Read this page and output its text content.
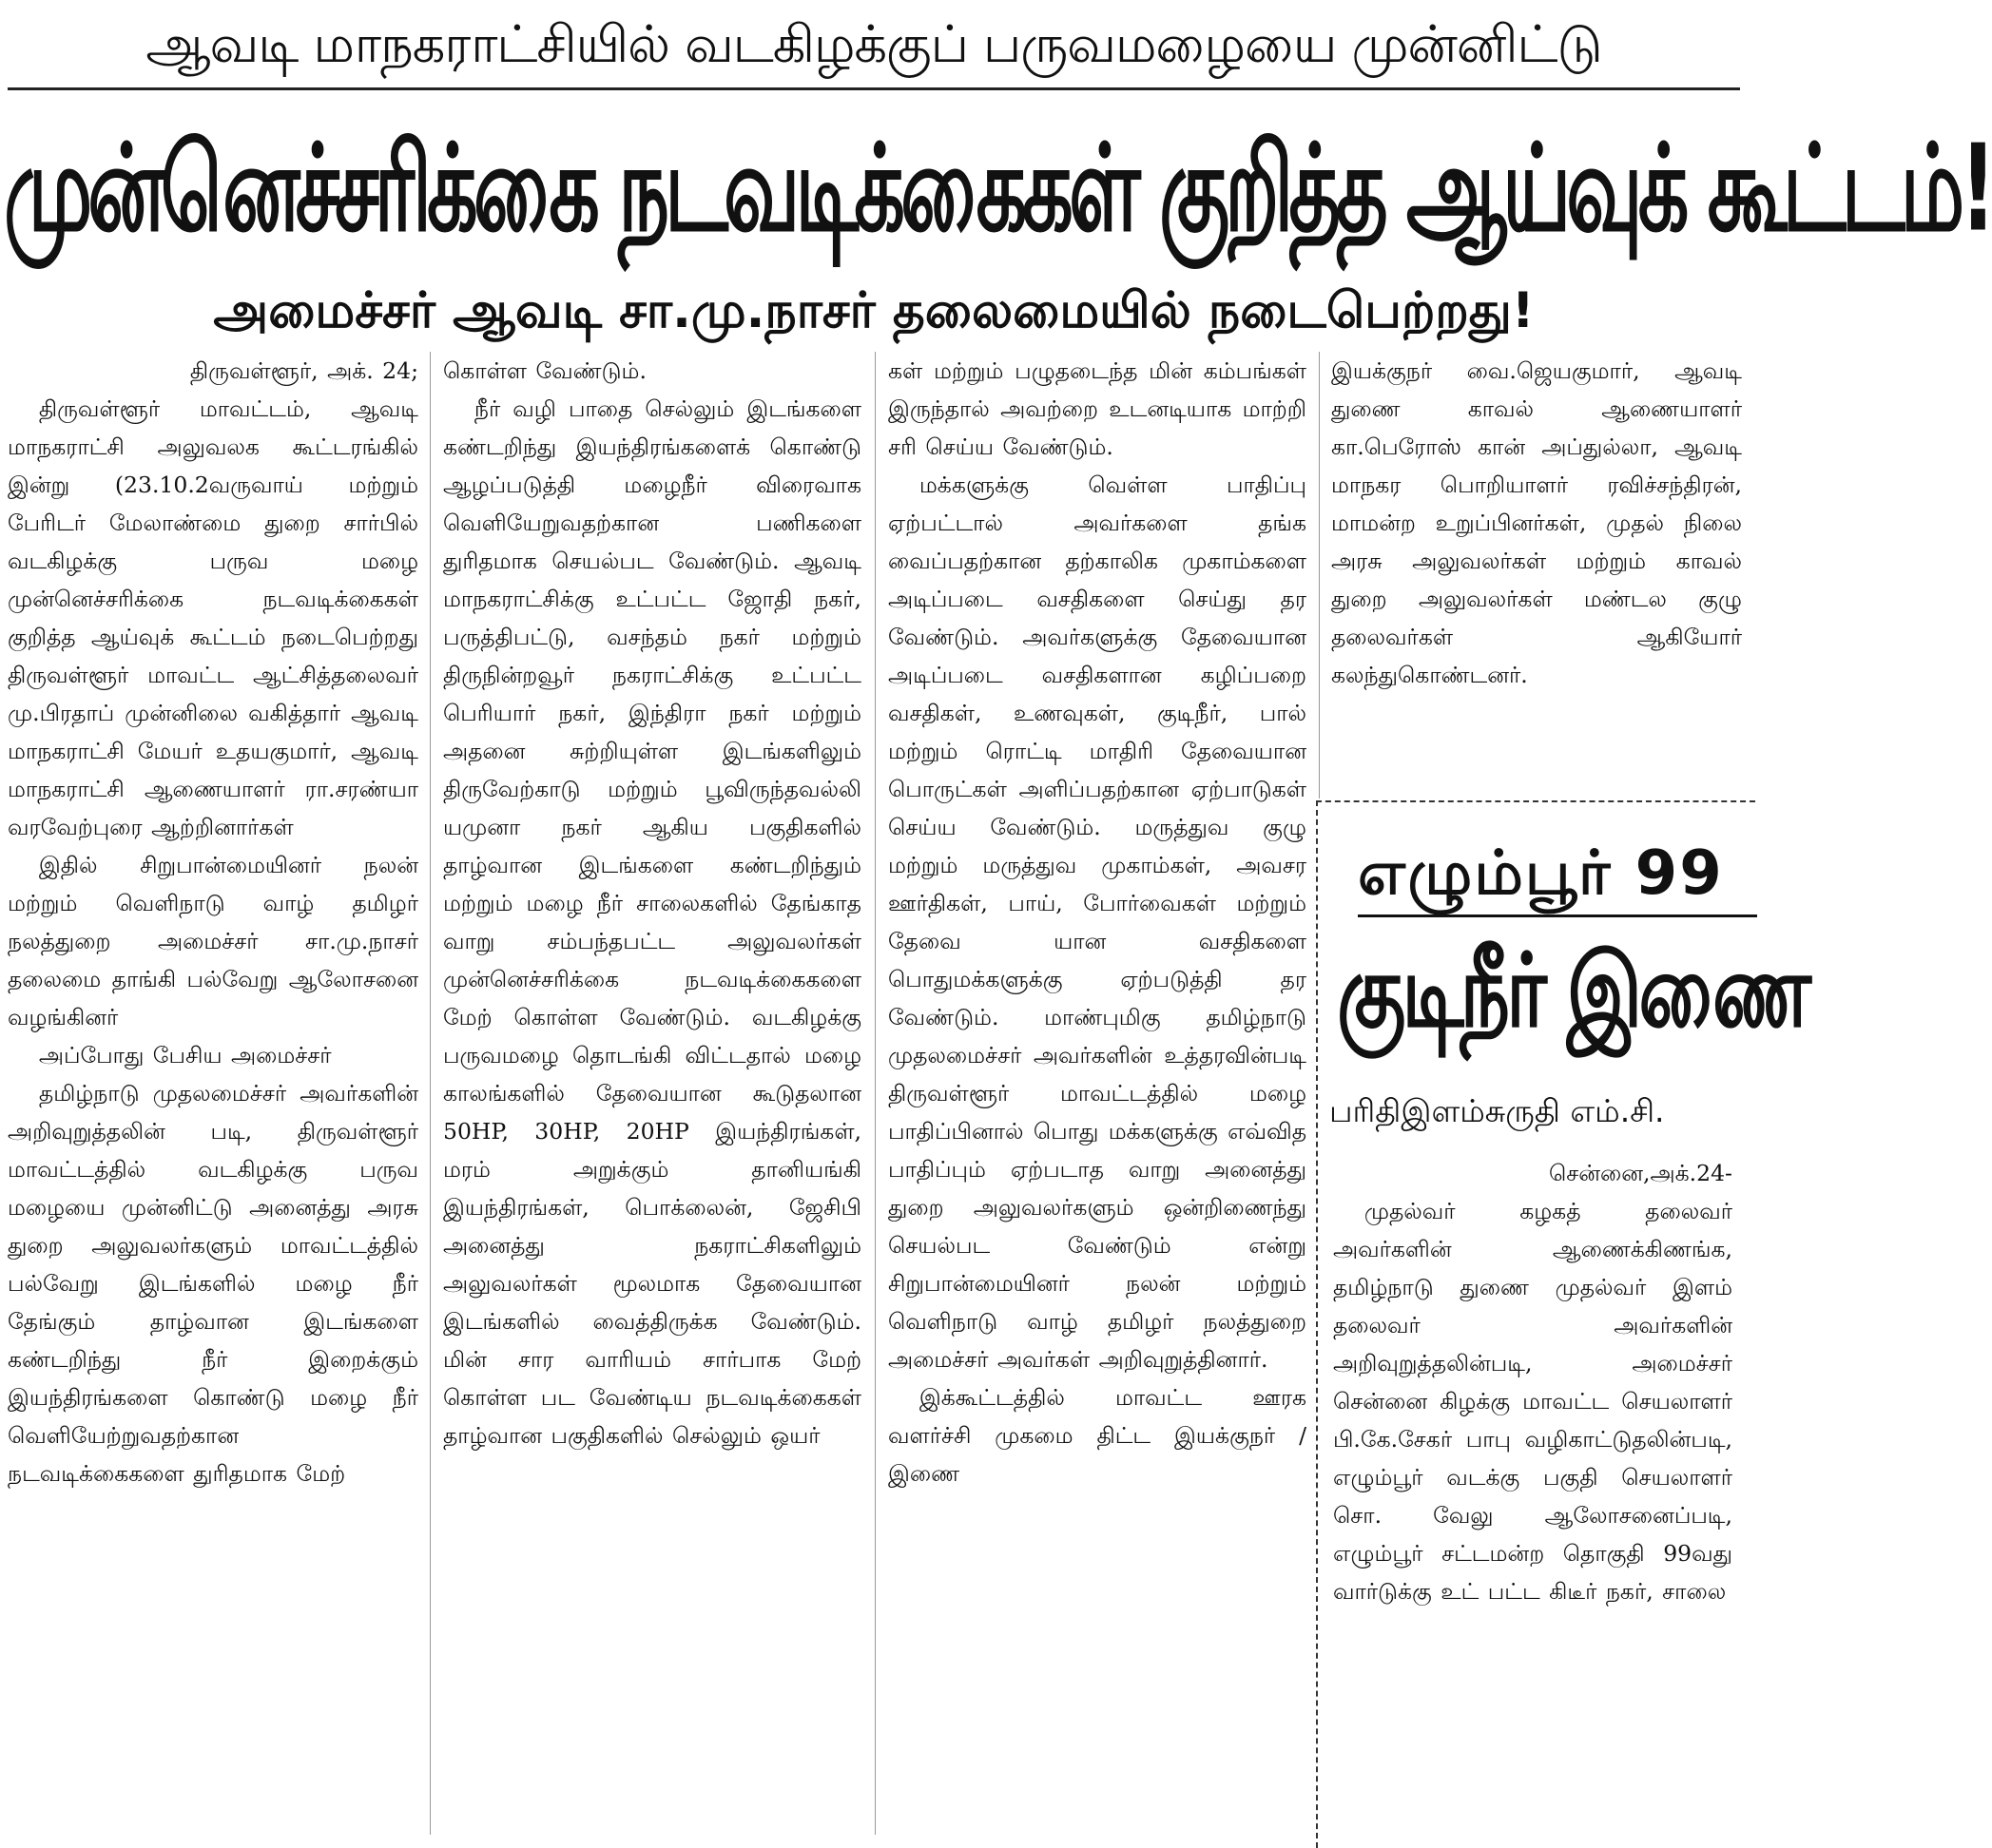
ஆவடி மாநகராட்சியில் வடகிழக்குப் பருவமழையை முன்னிட்டு
முன்னெச்சரிக்கை நடவடிக்கைகள் குறித்த ஆய்வுக் கூட்டம்!
அமைச்சர் ஆவடி சா.மு.நாசர் தலைமையில் நடைபெற்றது!

திருவள்ளூர், அக். 24;

திருவள்ளூர் மாவட்டம், ஆவடி மாநகராட்சி அலுவலக கூட்டரங்கில் இன்று (23.10.2வருவாய் மற்றும் பேரிடர் மேலாண்மை துறை சார்பில் வடகிழக்கு பருவ மழை முன்னெச்சரிக்கை நடவடிக்கைகள் குறித்த ஆய்வுக் கூட்டம் நடைபெற்றது திருவள்ளூர் மாவட்ட ஆட்சித்தலைவர் மு.பிரதாப் முன்னிலை வகித்தார் ஆவடி மாநகராட்சி மேயர் உதயகுமார், ஆவடி மாநகராட்சி ஆணையாளர் ரா.சரண்யா வரவேற்புரை ஆற்றினார்கள்

இதில் சிறுபான்மையினர் நலன் மற்றும் வெளிநாடு வாழ் தமிழர் நலத்துறை அமைச்சர் சா.மு.நாசர் தலைமை தாங்கி பல்வேறு ஆலோசனை வழங்கினர்

அப்போது பேசிய அமைச்சர்

தமிழ்நாடு முதலமைச்சர் அவர்களின் அறிவுறுத்தலின் படி, திருவள்ளூர் மாவட்டத்தில் வடகிழக்கு பருவ மழையை முன்னிட்டு அனைத்து அரசு துறை அலுவலர்களும் மாவட்டத்தில் பல்வேறு இடங்களில் மழை நீர் தேங்கும் தாழ்வான இடங்களை கண்டறிந்து நீர் இறைக்கும் இயந்திரங்களை கொண்டு மழை நீர் வெளியேற்றுவதற்கான நடவடிக்கைகளை துரிதமாக மேற்

கொள்ள வேண்டும்.

நீர் வழி பாதை செல்லும் இடங்களை கண்டறிந்து இயந்திரங்களைக் கொண்டு ஆழப்படுத்தி மழைநீர் விரைவாக வெளியேறுவதற்கான பணிகளை துரிதமாக செயல்பட வேண்டும். ஆவடி மாநகராட்சிக்கு உட்பட்ட ஜோதி நகர், பருத்திபட்டு, வசந்தம் நகர் மற்றும் திருநின்றவூர் நகராட்சிக்கு உட்பட்ட பெரியார் நகர், இந்திரா நகர் மற்றும் அதனை சுற்றியுள்ள இடங்களிலும் திருவேற்காடு மற்றும் பூவிருந்தவல்லி யமுனா நகர் ஆகிய பகுதிகளில் தாழ்வான இடங்களை கண்டறிந்தும் மற்றும் மழை நீர் சாலைகளில் தேங்காத வாறு சம்பந்தபட்ட அலுவலர்கள் முன்னெச்சரிக்கை நடவடிக்கைகளை மேற் கொள்ள வேண்டும். வடகிழக்கு பருவமழை தொடங்கி விட்டதால் மழை காலங்களில் தேவையான கூடுதலான 50HP, 30HP, 20HP இயந்திரங்கள், மரம் அறுக்கும் தானியங்கி இயந்திரங்கள், பொக்லைன், ஜேசிபி அனைத்து நகராட்சிகளிலும் அலுவலர்கள் மூலமாக தேவையான இடங்களில் வைத்திருக்க வேண்டும். மின் சார வாரியம் சார்பாக மேற் கொள்ள பட வேண்டிய நடவடிக்கைகள் தாழ்வான பகுதிகளில் செல்லும் ஒயர்

கள் மற்றும் பழுதடைந்த மின் கம்பங்கள் இருந்தால் அவற்றை உடனடியாக மாற்றி சரி செய்ய வேண்டும்.

மக்களுக்கு வெள்ள பாதிப்பு ஏற்பட்டால் அவர்களை தங்க வைப்பதற்கான தற்காலிக முகாம்களை அடிப்படை வசதிகளை செய்து தர வேண்டும். அவர்களுக்கு தேவையான அடிப்படை வசதிகளான கழிப்பறை வசதிகள், உணவுகள், குடிநீர், பால் மற்றும் ரொட்டி மாதிரி தேவையான பொருட்கள் அளிப்பதற்கான ஏற்பாடுகள் செய்ய வேண்டும். மருத்துவ குழு மற்றும் மருத்துவ முகாம்கள், அவசர ஊர்திகள், பாய், போர்வைகள் மற்றும் தேவை யான வசதிகளை பொதுமக்களுக்கு ஏற்படுத்தி தர வேண்டும். மாண்புமிகு தமிழ்நாடு முதலமைச்சர் அவர்களின் உத்தரவின்படி திருவள்ளூர் மாவட்டத்தில் மழை பாதிப்பினால் பொது மக்களுக்கு எவ்வித பாதிப்பும் ஏற்படாத வாறு அனைத்து துறை அலுவலர்களும் ஒன்றிணைந்து செயல்பட வேண்டும் என்று சிறுபான்மையினர் நலன் மற்றும் வெளிநாடு வாழ் தமிழர் நலத்துறை அமைச்சர் அவர்கள் அறிவுறுத்தினார்.

இக்கூட்டத்தில் மாவட்ட ஊரக வளர்ச்சி முகமை திட்ட இயக்குநர் / இணை

இயக்குநர் வை.ஜெயகுமார், ஆவடி துணை காவல் ஆணையாளர் கா.பெரோஸ் கான் அப்துல்லா, ஆவடி மாநகர பொறியாளர் ரவிச்சந்திரன், மாமன்ற உறுப்பினர்கள், முதல் நிலை அரசு அலுவலர்கள் மற்றும் காவல் துறை அலுவலர்கள் மண்டல குழு தலைவர்கள் ஆகியோர் கலந்துகொண்டனர்.

எழும்பூர் 99
குடிநீர் இணை
பரிதிஇளம்சுருதி எம்.சி.

சென்னை,அக்.24-

முதல்வர் கழகத் தலைவர் அவர்களின் ஆணைக்கிணங்க, தமிழ்நாடு துணை முதல்வர் இளம் தலைவர் அவர்களின் அறிவுறுத்தலின்படி, அமைச்சர் சென்னை கிழக்கு மாவட்ட செயலாளர் பி.கே.சேகர் பாபு வழிகாட்டுதலின்படி, எழும்பூர் வடக்கு பகுதி செயலாளர் சொ. வேலு ஆலோசனைப்படி, எழும்பூர் சட்டமன்ற தொகுதி 99வது வார்டுக்கு உட் பட்ட கிடீர் நகர், சாலை
